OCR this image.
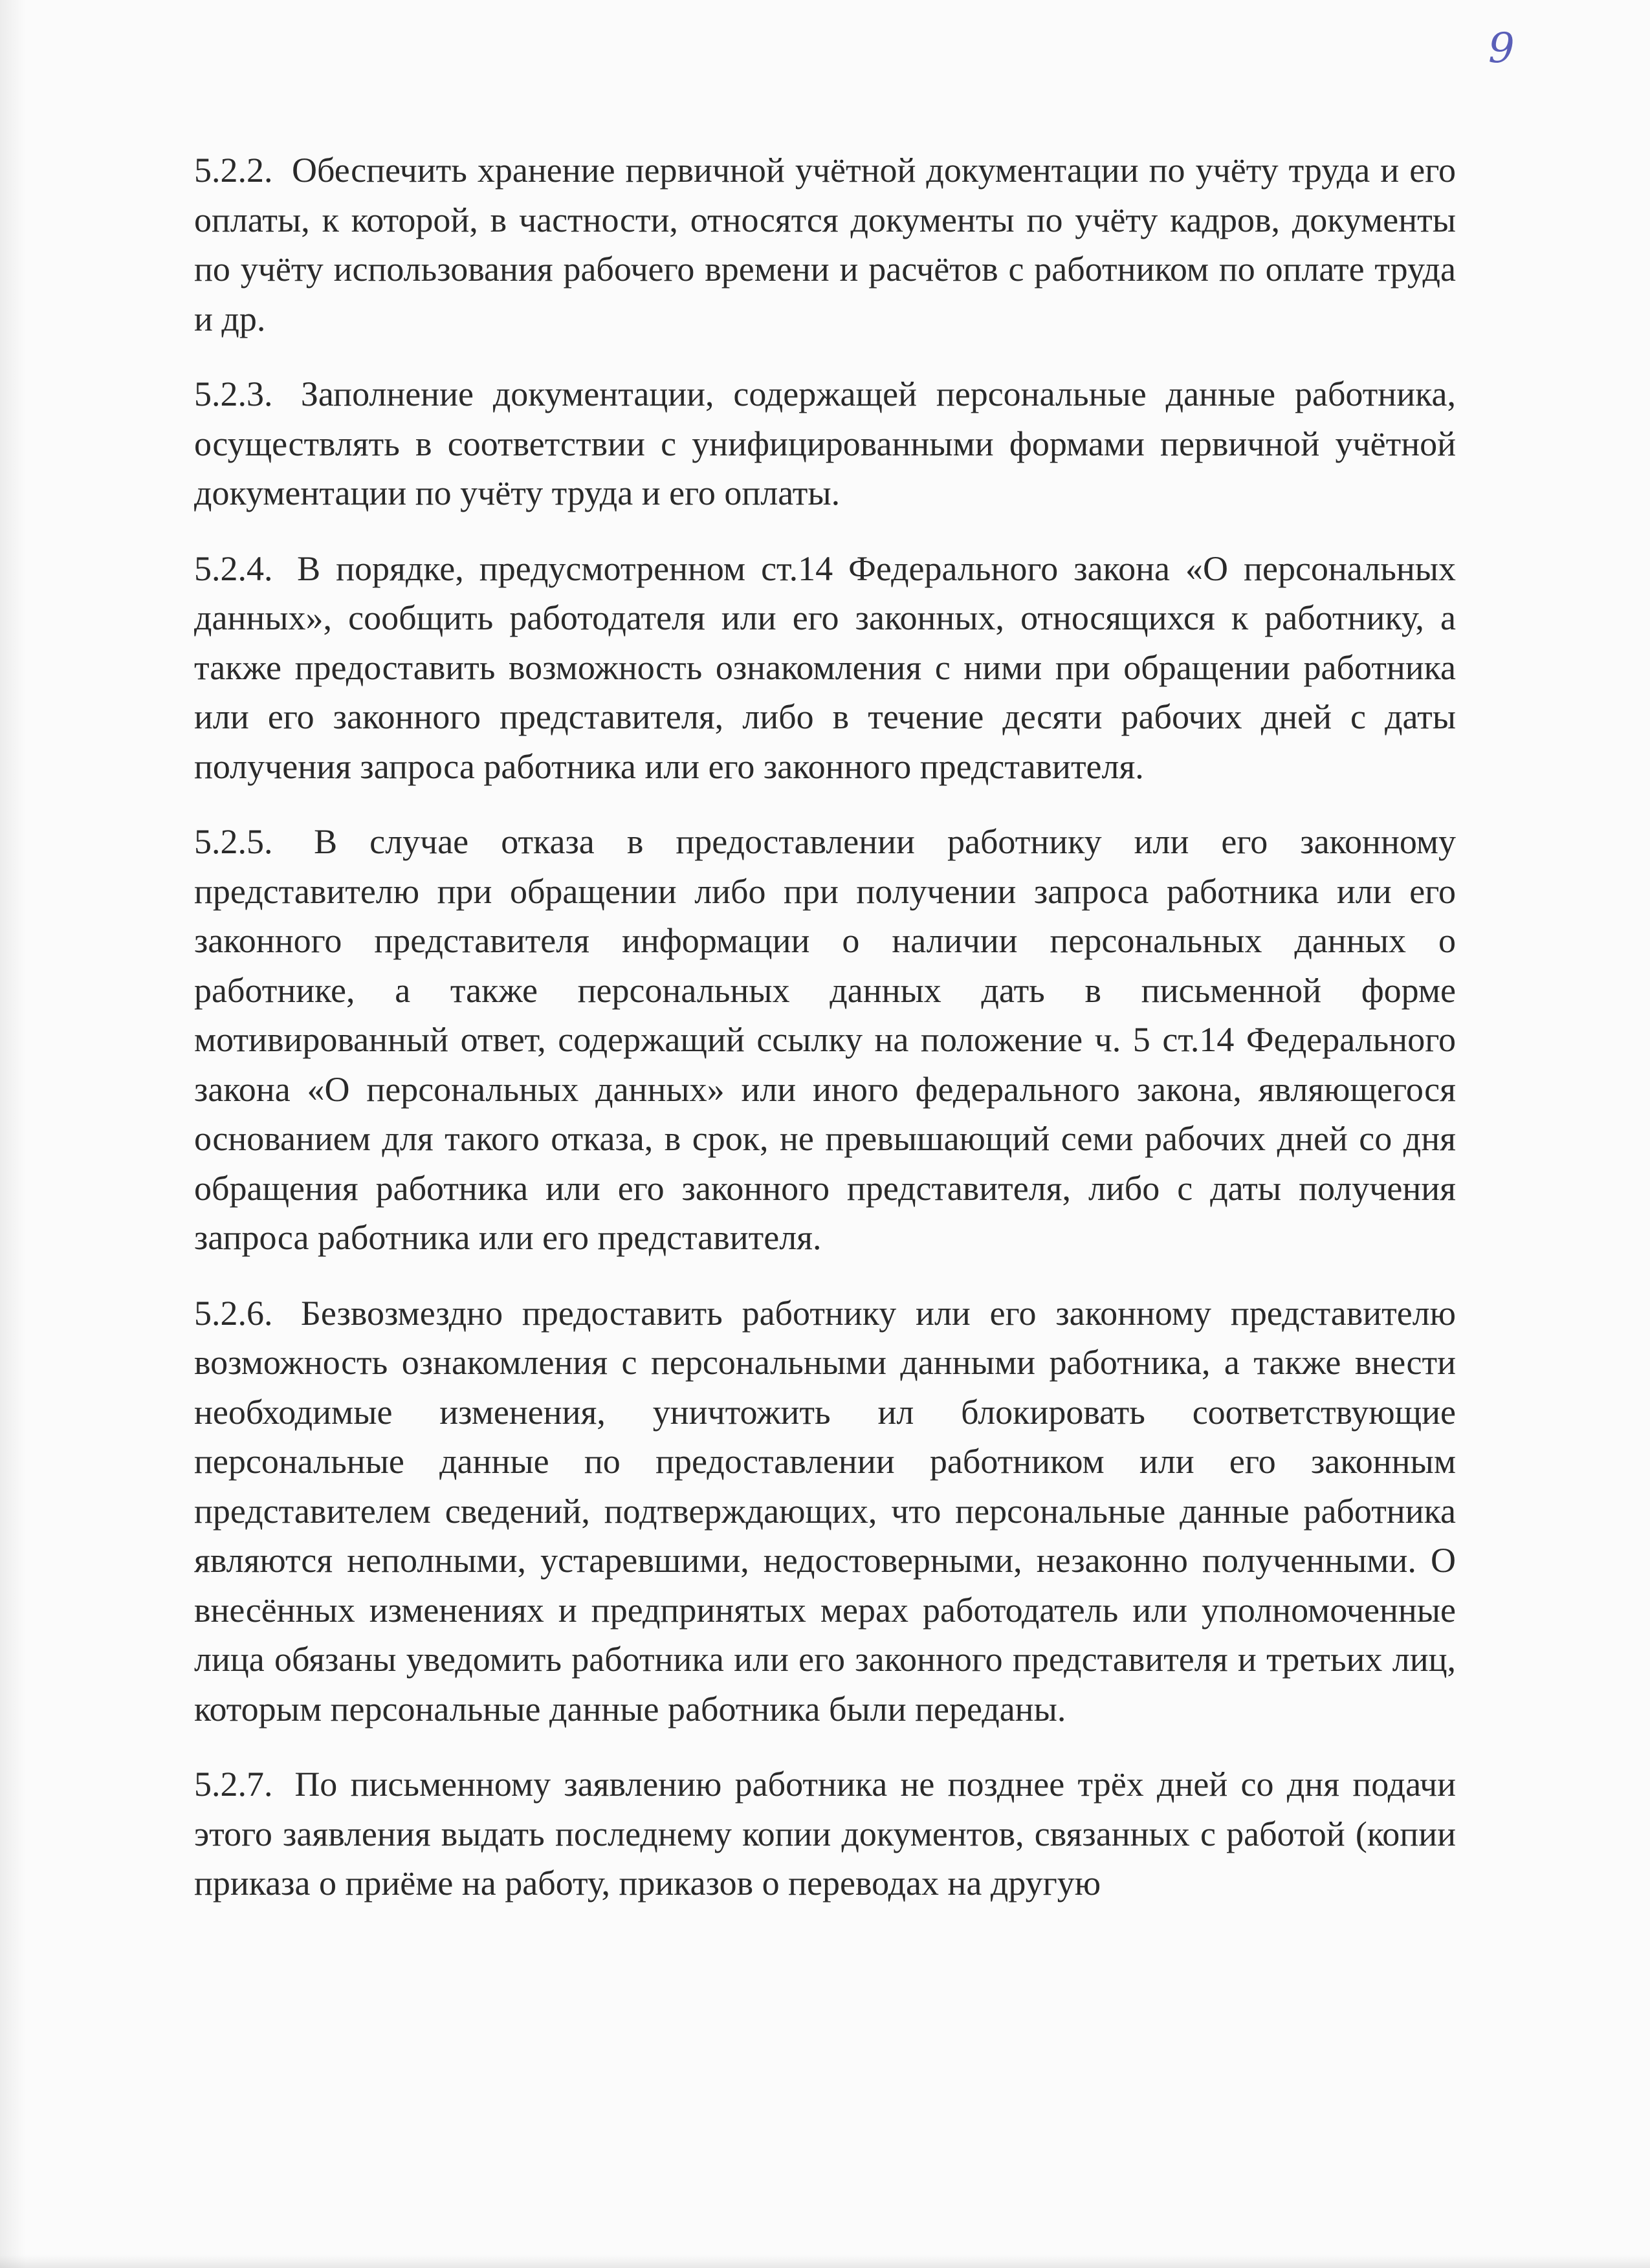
9

5.2.2. Обеспечить хранение первичной учётной документации по учёту труда и его оплаты, к которой, в частности, относятся документы по учёту кадров, документы по учёту использования рабочего времени и расчётов с работником по оплате труда и др.

5.2.3. Заполнение документации, содержащей персональные данные работника, осуществлять в соответствии с унифицированными формами первичной учётной документации по учёту труда и его оплаты.

5.2.4. В порядке, предусмотренном ст.14 Федерального закона «О персональных данных», сообщить работодателя или его законных, относящихся к работнику, а также предоставить возможность ознакомления с ними при обращении работника или его законного представителя, либо в течение десяти рабочих дней с даты получения запроса работника или его законного представителя.

5.2.5. В случае отказа в предоставлении работнику или его законному представителю при обращении либо при получении запроса работника или его законного представителя информации о наличии персональных данных о работнике, а также персональных данных дать в письменной форме мотивированный ответ, содержащий ссылку на положение ч. 5 ст.14 Федерального закона «О персональных данных» или иного федерального закона, являющегося основанием для такого отказа, в срок, не превышающий семи рабочих дней со дня обращения работника или его законного представителя, либо с даты получения запроса работника или его представителя.

5.2.6. Безвозмездно предоставить работнику или его законному представителю возможность ознакомления с персональными данными работника, а также внести необходимые изменения, уничтожить ил блокировать соответствующие персональные данные по предоставлении работником или его законным представителем сведений, подтверждающих, что персональные данные работника являются неполными, устаревшими, недостоверными, незаконно полученными. О внесённых изменениях и предпринятых мерах работодатель или уполномоченные лица обязаны уведомить работника или его законного представителя и третьих лиц, которым персональные данные работника были переданы.

5.2.7. По письменному заявлению работника не позднее трёх дней со дня подачи этого заявления выдать последнему копии документов, связанных с работой (копии приказа о приёме на работу, приказов о переводах на другую
